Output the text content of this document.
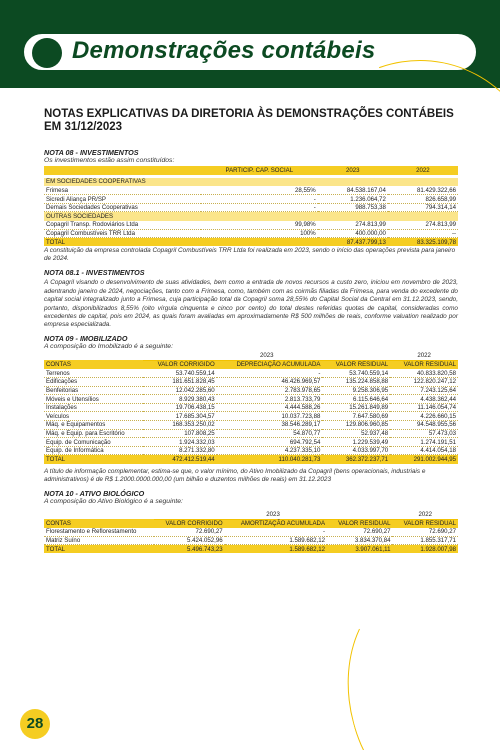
Demonstrações contábeis
NOTAS EXPLICATIVAS DA DIRETORIA ÀS DEMONSTRAÇÕES CONTÁBEIS EM 31/12/2023
NOTA 08 - INVESTIMENTOS
Os investimentos estão assim constituídos:
	PARTICIP. CAP. SOCIAL	2023	2022

EM SOCIEDADES COOPERATIVAS			
Frimesa	28,55%	84.538.167,04	81.429.322,66
Sicredi Aliança PR/SP	-	1.236.064,72	826.658,99
Demais Sociedades Cooperativas	-	988.753,38	794.314,14
OUTRAS SOCIEDADES			
Copagril Transp. Rodoviários Ltda	99,98%	274.813,99	274.813,99
Copagril Combustíveis TRR Ltda	100%	400.000,00	--
TOTAL		87.437.799,13	83.325.109,78
A constituição da empresa controlada Copagril Combustíveis TRR Ltda foi realizada em 2023, sendo o início das operações prevista para janeiro de 2024.
NOTA 08.1 - INVESTIMENTOS
A Copagril visando o desenvolvimento de suas atividades, bem como a entrada de novos recursos a custo zero, iniciou em novembro de 2023, adentrando janeiro de 2024, negociações, tanto com a Frimesa, como, também com as coirmãs filiadas da Frimesa, para venda do excedente do capital social integralizado junto a Frimesa, cuja participação total da Copagril soma 28,55% do Capital Social da Central em 31.12.2023, sendo, portanto, disponibilizados 8,55% (oito vírgula cinquenta e cinco por cento) do total destes referidas quotas de capital, consideradas como excedentes de capital, pois em 2024, as quais foram avaliadas em aproximadamente R$ 500 milhões de reais, conforme valuation realizado por empresa especializada.
NOTA 09 - IMOBILIZADO
A composição do Imobilizado é a seguinte:
	2023			2022
CONTAS	VALOR CORRIGIDO	DEPRECIAÇÃO ACUMULADA	VALOR RESIDUAL	VALOR RESIDUAL
Terrenos	53.740.559,14	-	53.740.559,14	40.833.820,58
Edificações	181.651.828,45	46.426.969,57	135.224.858,88	122.820.247,12
Benfeitorias	12.042.285,60	2.783.978,65	9.258.306,95	7.243.125,64
Móveis e Utensílios	8.929.380,43	2.813.733,79	6.115.646,64	4.438.362,44
Instalações	19.706.438,15	4.444.588,26	15.261.849,89	11.146.054,74
Veículos	17.685.304,57	10.037.723,88	7.647.580,69	4.226.660,15
Máq. e Equipamentos	168.353.250,02	38.546.289,17	129.806.960,85	94.548.955,56
Máq. e Equip. para Escritório	107.808,25	54.870,77	52.937,48	57.473,03
Equip. de Comunicação	1.924.332,03	694.792,54	1.229.539,49	1.274.191,51
Equip. de Informática	8.271.332,80	4.237.335,10	4.033.997,70	4.414.054,18
TOTAL	472.412.519,44	110.040.281,73	362.372.237,71	291.002.944,95
A título de informação complementar, estima-se que, o valor mínimo, do Ativo Imobilizado da Copagril (bens operacionais, industriais e administrativos) é de R$ 1.2000.0000.000,00 (um bilhão e duzentos milhões de reais) em 31.12.2023
NOTA 10 - ATIVO BIOLÓGICO
A composição do Ativo Biológico é a seguinte:
	2023			2022
CONTAS	VALOR CORRIGIDO	AMORTIZAÇÃO ACUMULADA	VALOR RESIDUAL	VALOR RESIDUAL
Florestamento e Reflorestamento	72.690,27	-	72.690,27	72.690,27
Matriz Suíno	5.424.052,96	1.589.682,12	3.834.370,84	1.855.317,71
TOTAL	5.496.743,23	1.589.682,12	3.907.061,11	1.928.007,98
28
